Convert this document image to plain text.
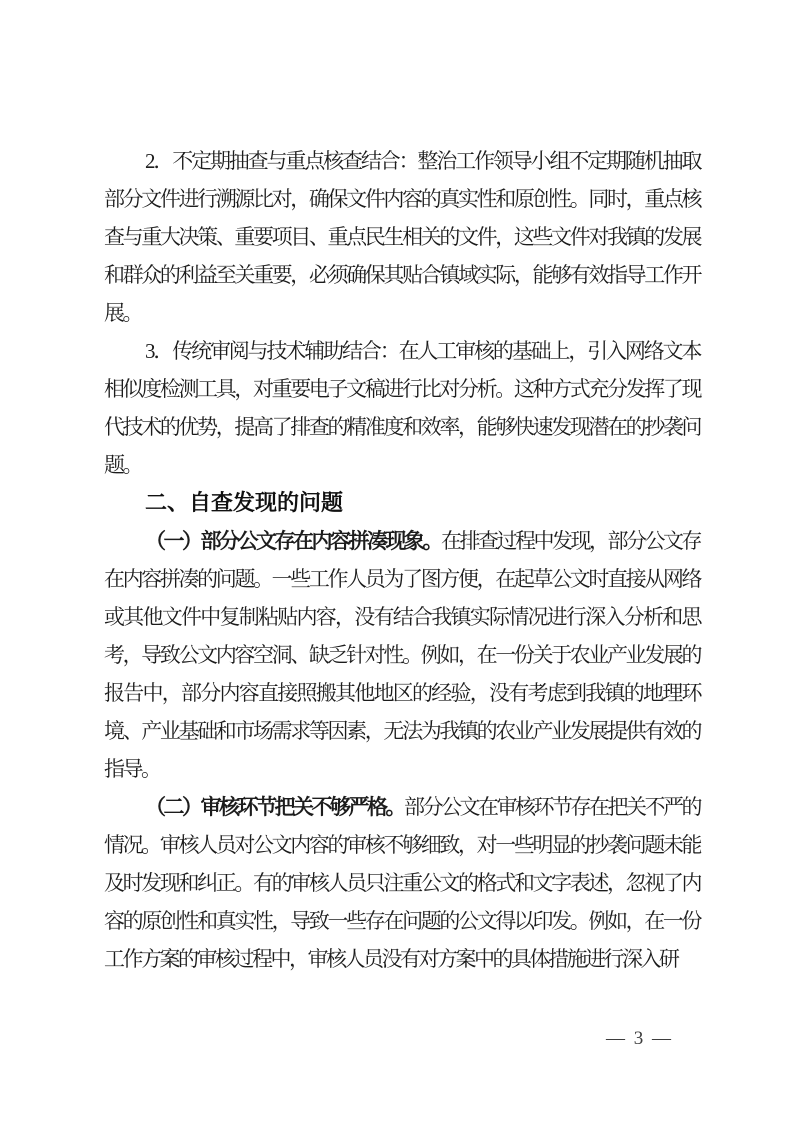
2．不定期抽查与重点核查结合：整治工作领导小组不定期随机抽取部分文件进行溯源比对，确保文件内容的真实性和原创性。同时，重点核查与重大决策、重要项目、重点民生相关的文件，这些文件对我镇的发展和群众的利益至关重要，必须确保其贴合镇域实际，能够有效指导工作开展。

3．传统审阅与技术辅助结合：在人工审核的基础上，引入网络文本相似度检测工具，对重要电子文稿进行比对分析。这种方式充分发挥了现代技术的优势，提高了排查的精准度和效率，能够快速发现潜在的抄袭问题。

二、自查发现的问题

（一）部分公文存在内容拼凑现象。在排查过程中发现，部分公文存在内容拼凑的问题。一些工作人员为了图方便，在起草公文时直接从网络或其他文件中复制粘贴内容，没有结合我镇实际情况进行深入分析和思考，导致公文内容空洞、缺乏针对性。例如，在一份关于农业产业发展的报告中，部分内容直接照搬其他地区的经验，没有考虑到我镇的地理环境、产业基础和市场需求等因素，无法为我镇的农业产业发展提供有效的指导。

（二）审核环节把关不够严格。部分公文在审核环节存在把关不严的情况。审核人员对公文内容的审核不够细致，对一些明显的抄袭问题未能及时发现和纠正。有的审核人员只注重公文的格式和文字表述，忽视了内容的原创性和真实性，导致一些存在问题的公文得以印发。例如，在一份工作方案的审核过程中，审核人员没有对方案中的具体措施进行深入研

— 3 —
